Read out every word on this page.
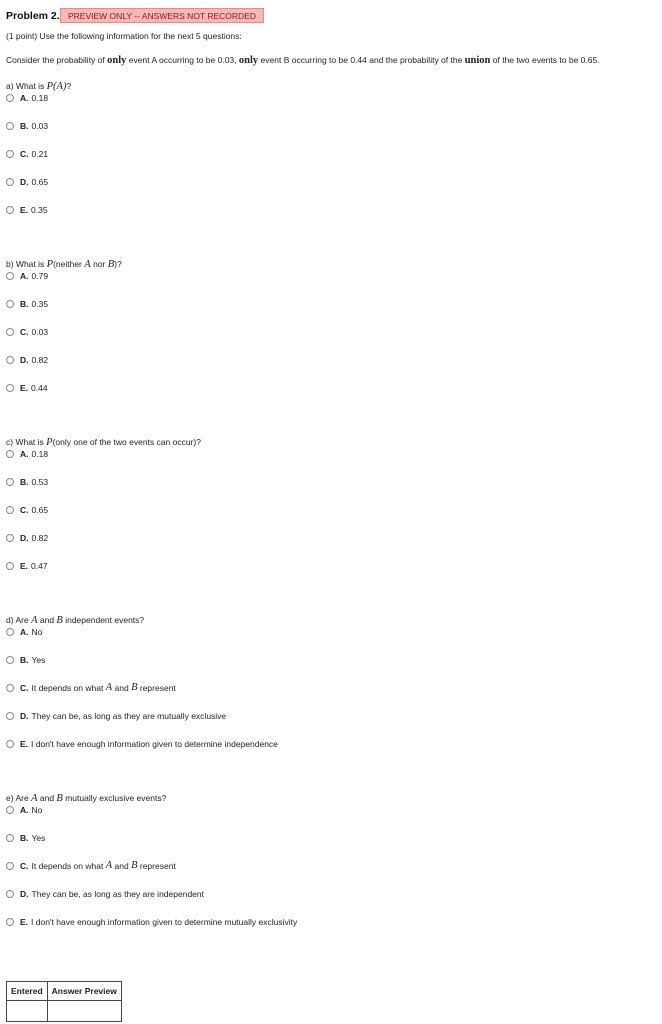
Problem 2. PREVIEW ONLY -- ANSWERS NOT RECORDED
(1 point) Use the following information for the next 5 questions:
Consider the probability of only event A occurring to be 0.03, only event B occurring to be 0.44 and the probability of the union of the two events to be 0.65.
a) What is P(A)?
A. 0.18
B. 0.03
C. 0.21
D. 0.65
E. 0.35
b) What is P(neither A nor B)?
A. 0.79
B. 0.35
C. 0.03
D. 0.82
E. 0.44
c) What is P(only one of the two events can occur)?
A. 0.18
B. 0.53
C. 0.65
D. 0.82
E. 0.47
d) Are A and B independent events?
A. No
B. Yes
C. It depends on what
A
and
B
represent
D. They can be, as long as they are mutually exclusive
E. I don't have enough information given to determine independence
e) Are A and B mutually exclusive events?
A. No
B. Yes
C. It depends on what
A
and
B
represent
D. They can be, as long as they are independent
E. I don't have enough information given to determine mutually exclusivity
Entered	Answer Preview
